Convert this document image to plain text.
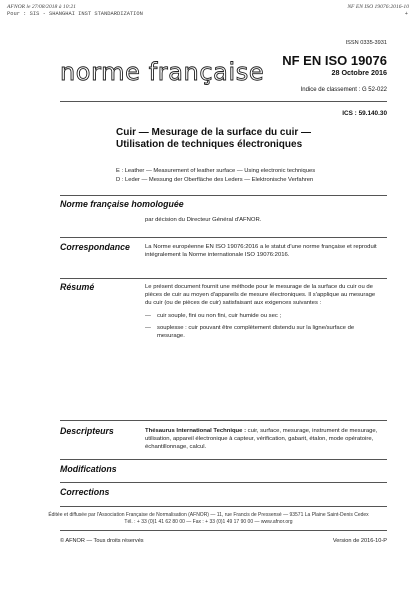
AFNOR le 27/08/2018 à 10:21
Pour : SIS - SHANGHAI INST STANDARDIZATION
NF EN ISO 19076:2016-10
+
ISSN 0335-3931
norme française NF EN ISO 19076
28 Octobre 2016
Indice de classement : G 52-022
ICS : 59.140.30
Cuir — Mesurage de la surface du cuir —
Utilisation de techniques électroniques
E : Leather — Measurement of leather surface — Using electronic techniques
D : Leder — Messung der Oberfläche des Leders — Elektronische Verfahren
Norme française homologuée
par décision du Directeur Général d'AFNOR.
Correspondance	La Norme européenne EN ISO 19076:2016 a le statut d'une norme française et reproduit intégralement la Norme internationale ISO 19076:2016.
Résumé	Le présent document fournit une méthode pour le mesurage de la surface du cuir ou de pièces de cuir au moyen d'appareils de mesure électroniques. Il s'applique au mesurage du cuir (ou de pièces de cuir) satisfaisant aux exigences suivantes :
—	cuir souple, fini ou non fini, cuir humide ou sec ;
—	souplesse : cuir pouvant être complètement distendu sur la ligne/surface de mesurage.
Descripteurs	Thésaurus International Technique : cuir, surface, mesurage, instrument de mesurage, utilisation, appareil électronique à capteur, vérification, gabarit, étalon, mode opératoire, échantillonnage, calcul.
Modifications
Corrections
Éditée et diffusée par l'Association Française de Normalisation (AFNOR) — 11, rue Francis de Pressensé — 93571 La Plaine Saint-Denis Cedex
Tél. : + 33 (0)1 41 62 80 00 — Fax : + 33 (0)1 49 17 90 00 — www.afnor.org
© AFNOR — Tous droits réservés	Version de 2016-10-P
